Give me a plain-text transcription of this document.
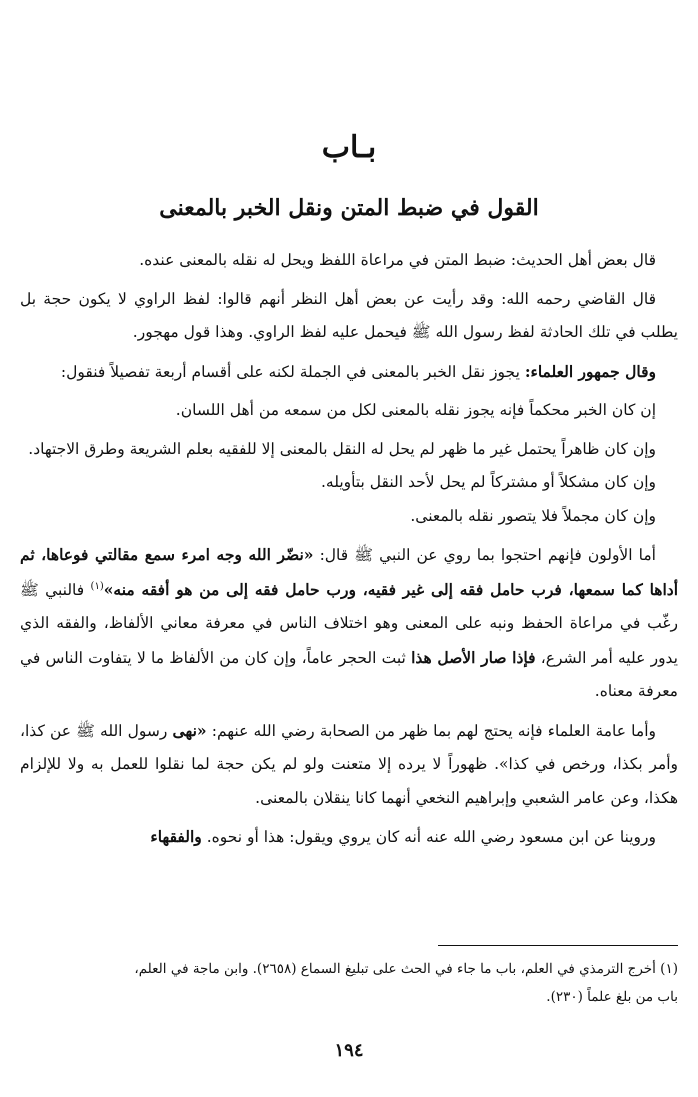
بـاب
القول في ضبط المتن ونقل الخبر بالمعنى

قال بعض أهل الحديث: ضبط المتن في مراعاة اللفظ ويحل له نقله بالمعنى عنده.

قال القاضي رحمه الله: وقد رأيت عن بعض أهل النظر أنهم قالوا: لفظ الراوي لا يكون حجة بل يطلب في تلك الحادثة لفظ رسول الله ﷺ فيحمل عليه لفظ الراوي. وهذا قول مهجور.

وقال جمهور العلماء: يجوز نقل الخبر بالمعنى في الجملة لكنه على أقسام أربعة تفصيلاً فنقول:

إن كان الخبر محكماً فإنه يجوز نقله بالمعنى لكل من سمعه من أهل اللسان.

وإن كان ظاهراً يحتمل غير ما ظهر لم يحل له النقل بالمعنى إلا للفقيه بعلم الشريعة وطرق الاجتهاد.

وإن كان مشكلاً أو مشتركاً لم يحل لأحد النقل بتأويله.

وإن كان مجملاً فلا يتصور نقله بالمعنى.

أما الأولون فإنهم احتجوا بما روي عن النبي ﷺ قال: «نضّر الله وجه امرء سمع مقالتي فوعاها، ثم أداها كما سمعها، فرب حامل فقه إلى غير فقيه، ورب حامل فقه إلى من هو أفقه منه»$^{(١)}$ فالنبي ﷺ رغّب في مراعاة الحفظ ونبه على المعنى وهو اختلاف الناس في معرفة معاني الألفاظ، والفقه الذي يدور عليه أمر الشرع، فإذا صار الأصل هذا ثبت الحجر عاماً، وإن كان من الألفاظ ما لا يتفاوت الناس في معرفة معناه.

وأما عامة العلماء فإنه يحتج لهم بما ظهر من الصحابة رضي الله عنهم: «نهى رسول الله ﷺ عن كذا، وأمر بكذا، ورخص في كذا». ظهوراً لا يرده إلا متعنت ولو لم يكن حجة لما نقلوا للعمل به ولا للإلزام هكذا، وعن عامر الشعبي وإبراهيم النخعي أنهما كانا ينقلان بالمعنى.

وروينا عن ابن مسعود رضي الله عنه أنه كان يروي ويقول: هذا أو نحوه. والفقهاء

(١) أخرج الترمذي في العلم، باب ما جاء في الحث على تبليغ السماع (٢٦٥٨). وابن ماجة في العلم،

باب من بلغ علماً (٢٣٠).

١٩٤
